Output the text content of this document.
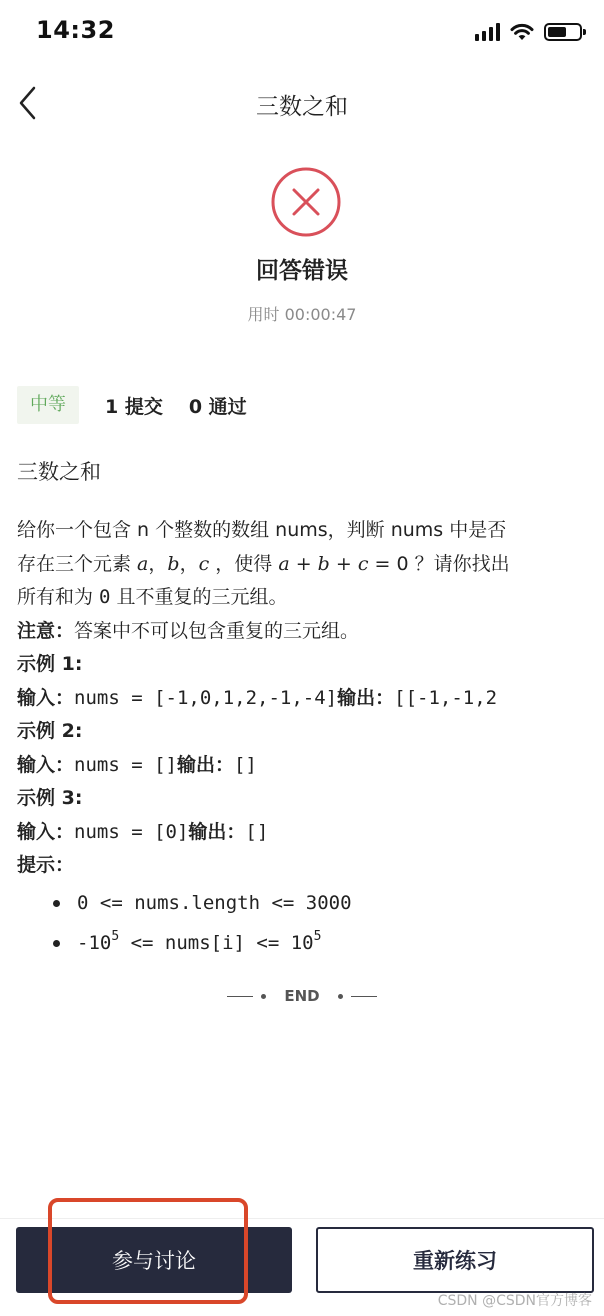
14:32
三数之和
回答错误
用时 00:00:47
中等	1 提交 0 通过
三数之和

给你一个包含 n 个整数的数组 nums，判断 nums 中是否

存在三个元素 a，b，c ，使得 a + b + c = 0 ？请你找出

所有和为 0 且不重复的三元组。

注意：答案中不可以包含重复的三元组。

示例 1:

输入：nums = [-1,0,1,2,-1,-4]输出：[[-1,-1,2

示例 2:

输入：nums = []输出：[]

示例 3:

输入：nums = [0]输出：[]

提示：

0 <= nums.length <= 3000
$-10^5$ <= nums[i] <= $10^5$
END
参与讨论	重新练习
CSDN @CSDN官方博客
